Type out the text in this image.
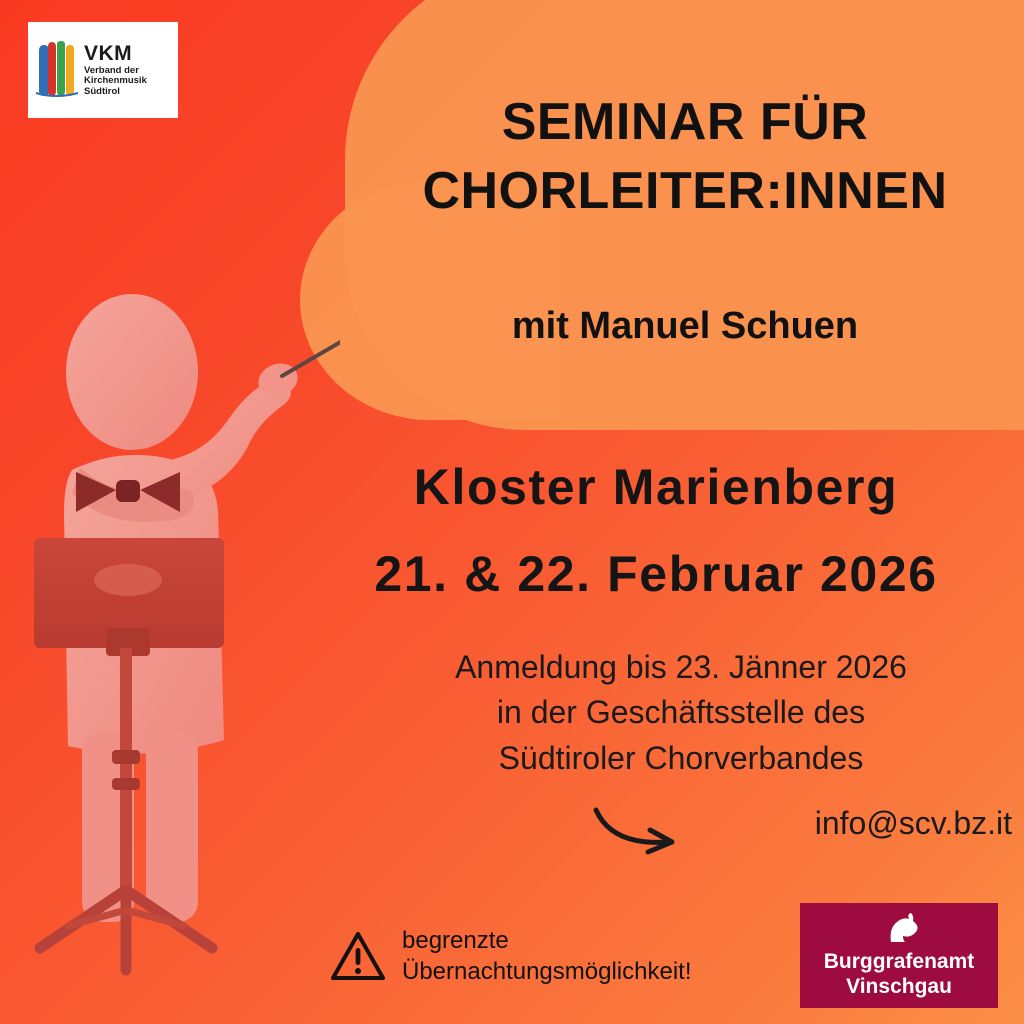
VKM
Verband der
Kirchenmusik
Südtirol
SEMINAR FÜR
CHORLEITER:INNEN
mit Manuel Schuen
Kloster Marienberg
21. & 22. Februar 2026
Anmeldung bis 23. Jänner 2026
in der Geschäftsstelle des
Südtiroler Chorverbandes
info@scv.bz.it
begrenzte
Übernachtungsmöglichkeit!	Burggrafenamt
Vinschgau
